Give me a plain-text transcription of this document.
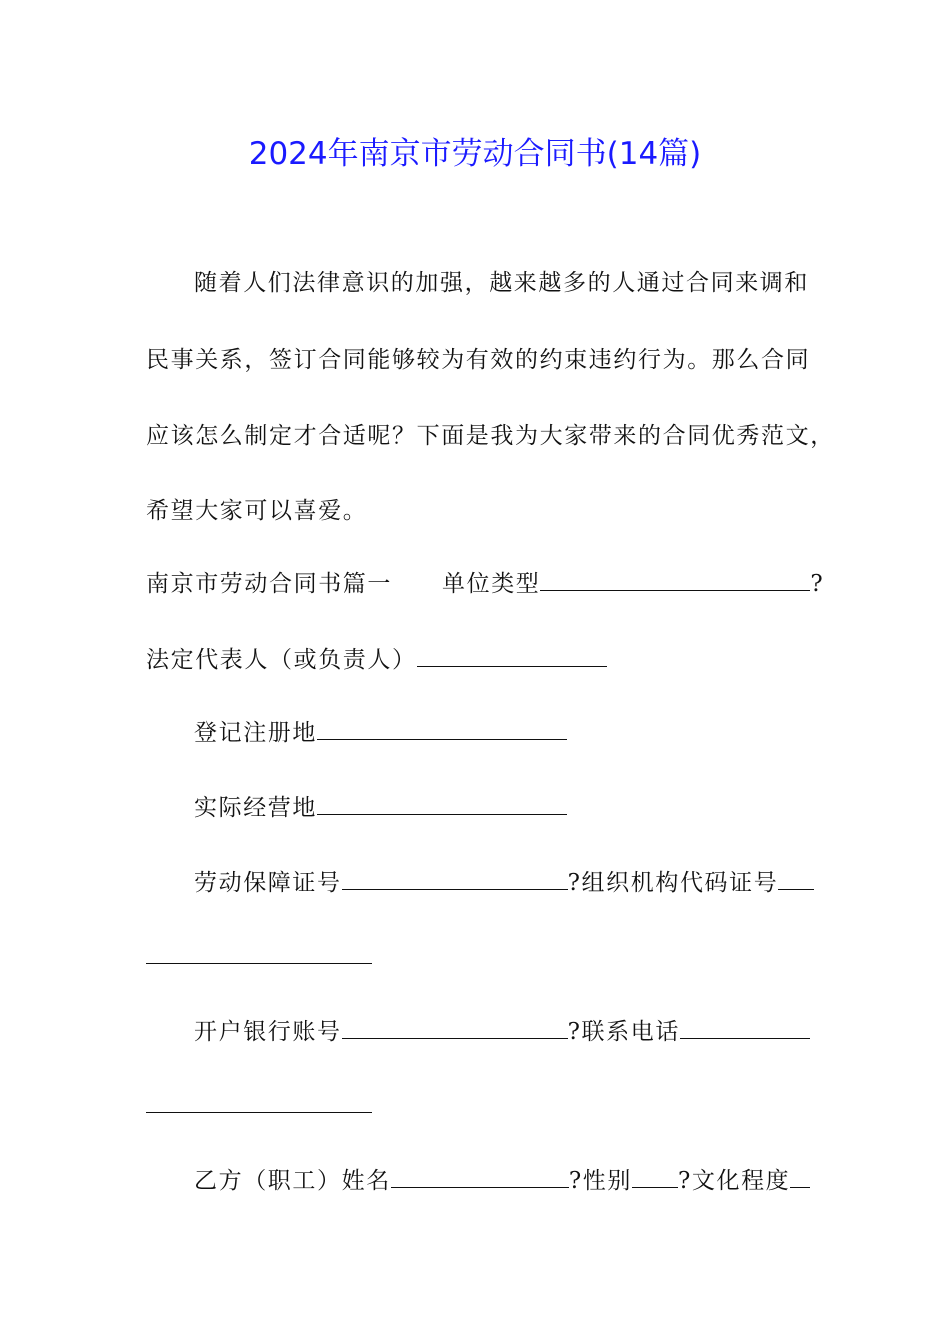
2024年南京市劳动合同书(14篇)
随着人们法律意识的加强，越来越多的人通过合同来调和
民事关系，签订合同能够较为有效的约束违约行为。那么合同
应该怎么制定才合适呢？下面是我为大家带来的合同优秀范文，
希望大家可以喜爱。
南京市劳动合同书篇一 单位类型	?
法定代表人（或负责人）
登记注册地
实际经营地
劳动保障证号	?组织机构代码证号
开户银行账号	?联系电话
乙方（职工）姓名	?性别 ?文化程度
